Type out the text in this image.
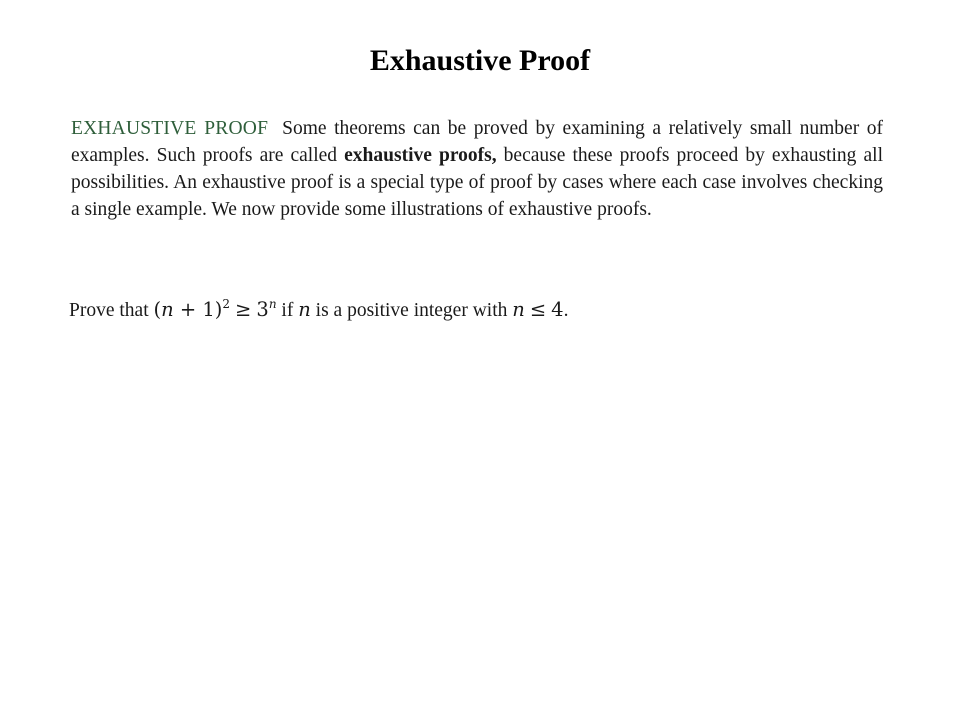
Exhaustive Proof
EXHAUSTIVE PROOF Some theorems can be proved by examining a relatively small number of examples. Such proofs are called exhaustive proofs, because these proofs proceed by exhausting all possibilities. An exhaustive proof is a special type of proof by cases where each case involves checking a single example. We now provide some illustrations of exhaustive proofs.
Prove that $(n + 1)^2 \ge 3^n$ if n is a positive integer with n ≤ 4.
